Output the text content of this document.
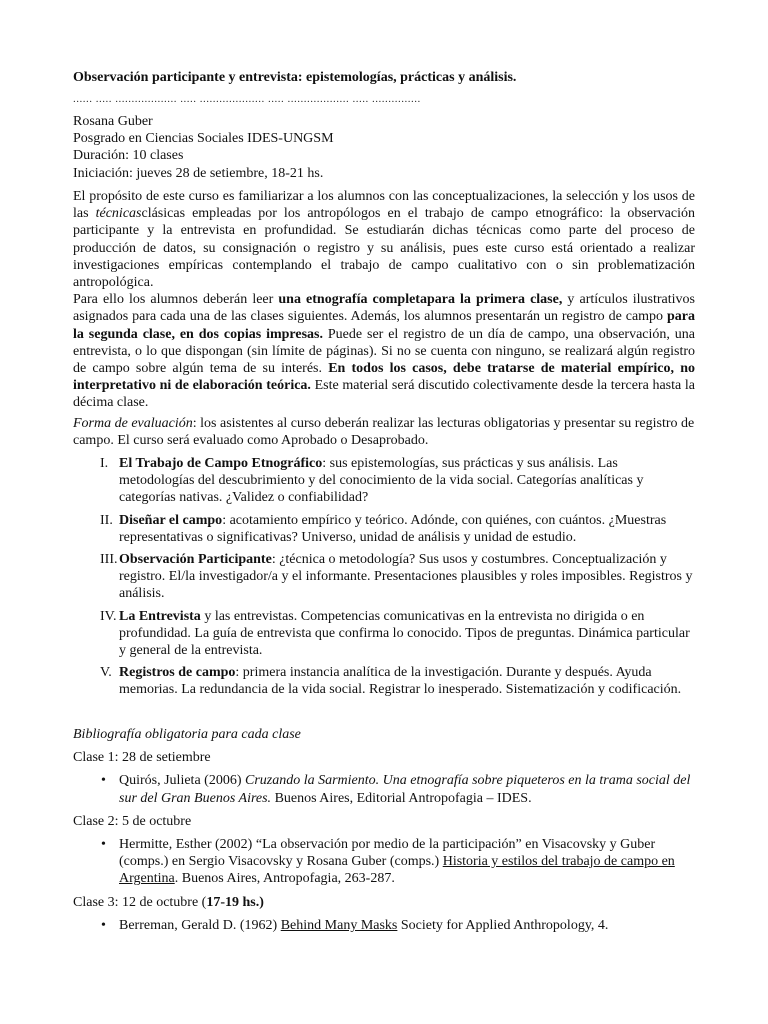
Observación participante y entrevista: epistemologías, prácticas y análisis.

...... ..... ................... ..... .................... ..... ................... ..... ...............

Rosana Guber

Posgrado en Ciencias Sociales IDES-UNGSM

Duración: 10 clases

Iniciación: jueves 28 de setiembre, 18-21 hs.

El propósito de este curso es familiarizar a los alumnos con las conceptualizaciones, la selección y los usos de las técnicasclásicas empleadas por los antropólogos en el trabajo de campo etnográfico: la observación participante y la entrevista en profundidad. Se estudiarán dichas técnicas como parte del proceso de producción de datos, su consignación o registro y su análisis, pues este curso está orientado a realizar investigaciones empíricas contemplando el trabajo de campo cualitativo con o sin problematización antropológica.

Para ello los alumnos deberán leer una etnografía completapara la primera clase, y artículos ilustrativos asignados para cada una de las clases siguientes. Además, los alumnos presentarán un registro de campo para la segunda clase, en dos copias impresas. Puede ser el registro de un día de campo, una observación, una entrevista, o lo que dispongan (sin límite de páginas). Si no se cuenta con ninguno, se realizará algún registro de campo sobre algún tema de su interés. En todos los casos, debe tratarse de material empírico, no interpretativo ni de elaboración teórica. Este material será discutido colectivamente desde la tercera hasta la décima clase.

Forma de evaluación: los asistentes al curso deberán realizar las lecturas obligatorias y presentar su registro de campo. El curso será evaluado como Aprobado o Desaprobado.

I. El Trabajo de Campo Etnográfico: sus epistemologías, sus prácticas y sus análisis. Las metodologías del descubrimiento y del conocimiento de la vida social. Categorías analíticas y categorías nativas. ¿Validez o confiabilidad?
II. Diseñar el campo: acotamiento empírico y teórico. Adónde, con quiénes, con cuántos. ¿Muestras representativas o significativas? Universo, unidad de análisis y unidad de estudio.
III. Observación Participante: ¿técnica o metodología? Sus usos y costumbres. Conceptualización y registro. El/la investigador/a y el informante. Presentaciones plausibles y roles imposibles. Registros y análisis.
IV. La Entrevista y las entrevistas. Competencias comunicativas en la entrevista no dirigida o en profundidad. La guía de entrevista que confirma lo conocido. Tipos de preguntas. Dinámica particular y general de la entrevista.
V. Registros de campo: primera instancia analítica de la investigación. Durante y después. Ayuda memorias. La redundancia de la vida social. Registrar lo inesperado. Sistematización y codificación.

Bibliografía obligatoria para cada clase

Clase 1: 28 de setiembre

• Quirós, Julieta (2006) Cruzando la Sarmiento. Una etnografía sobre piqueteros en la trama social del sur del Gran Buenos Aires. Buenos Aires, Editorial Antropofagia – IDES.

Clase 2: 5 de octubre

• Hermitte, Esther (2002) “La observación por medio de la participación” en Visacovsky y Guber (comps.) en Sergio Visacovsky y Rosana Guber (comps.) Historia y estilos del trabajo de campo en Argentina. Buenos Aires, Antropofagia, 263-287.

Clase 3: 12 de octubre (17-19 hs.)

• Berreman, Gerald D. (1962) Behind Many Masks Society for Applied Anthropology, 4.
